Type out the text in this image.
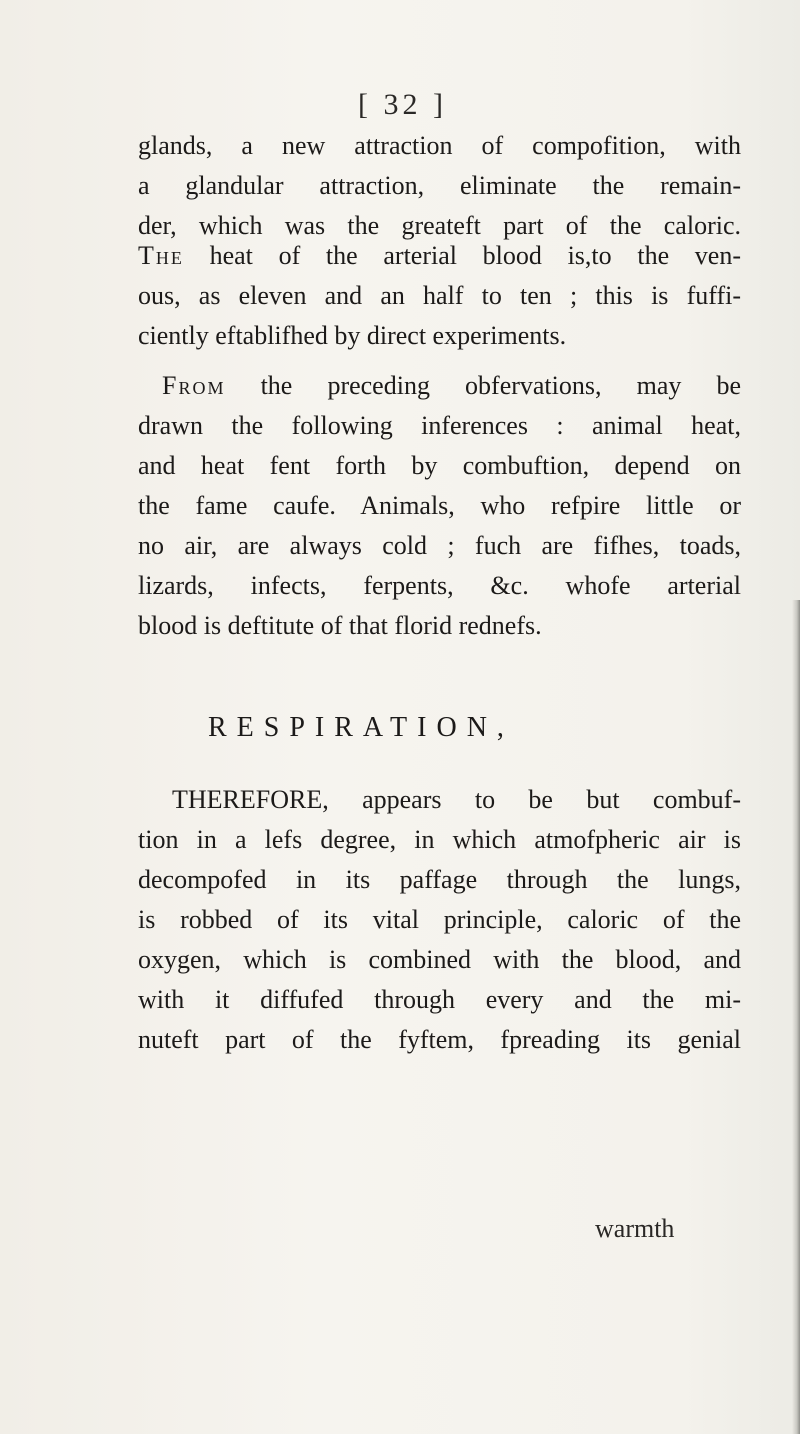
[ 32 ]
glands, a new attraction of compofition, with
a glandular attraction, eliminate the remain-
der, which was the greateft part of the caloric.
The heat of the arterial blood is,to the ven-
ous, as eleven and an half to ten ; this is fuffi-
ciently eftablifhed by direct experiments.
From the preceding obfervations, may be
drawn the following inferences : animal heat,
and heat fent forth by combuftion, depend on
the fame caufe. Animals, who refpire little or
no air, are always cold ; fuch are fifhes, toads,
lizards, infects, ferpents, &c. whofe arterial
blood is deftitute of that florid rednefs.
RESPIRATION,
THEREFORE, appears to be but combuf-
tion in a lefs degree, in which atmofpheric air is
decompofed in its paffage through the lungs,
is robbed of its vital principle, caloric of the
oxygen, which is combined with the blood, and
with it diffufed through every and the mi-
nuteft part of the fyftem, fpreading its genial
warmth
